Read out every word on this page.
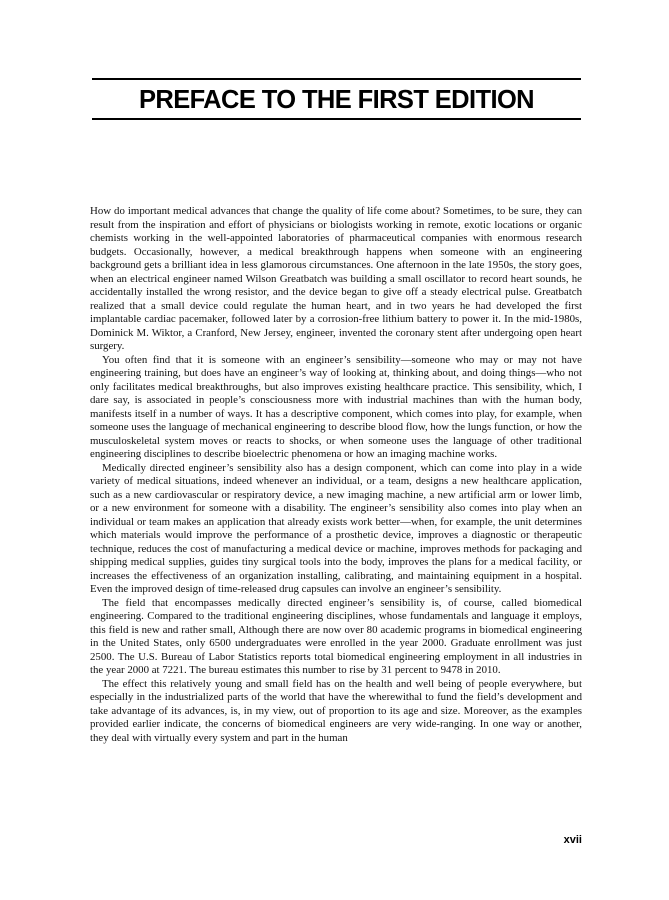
PREFACE TO THE FIRST EDITION

How do important medical advances that change the quality of life come about? Sometimes, to be sure, they can result from the inspiration and effort of physicians or biologists working in remote, exotic locations or organic chemists working in the well-appointed laboratories of pharmaceutical companies with enormous research budgets. Occasionally, however, a medical breakthrough happens when someone with an engineering background gets a brilliant idea in less glamorous circumstances. One afternoon in the late 1950s, the story goes, when an electrical engineer named Wilson Greatbatch was building a small oscillator to record heart sounds, he accidentally installed the wrong resistor, and the device began to give off a steady electrical pulse. Greatbatch realized that a small device could regulate the human heart, and in two years he had developed the first implantable cardiac pacemaker, followed later by a corrosion-free lithium battery to power it. In the mid-1980s, Dominick M. Wiktor, a Cranford, New Jersey, engineer, invented the coronary stent after undergoing open heart surgery.

You often find that it is someone with an engineer’s sensibility—someone who may or may not have engineering training, but does have an engineer’s way of looking at, thinking about, and doing things—who not only facilitates medical breakthroughs, but also improves existing healthcare practice. This sensibility, which, I dare say, is associated in people’s consciousness more with industrial machines than with the human body, manifests itself in a number of ways. It has a descriptive component, which comes into play, for example, when someone uses the language of mechanical engineering to describe blood flow, how the lungs function, or how the musculoskeletal system moves or reacts to shocks, or when someone uses the language of other traditional engineering disciplines to describe bioelectric phenomena or how an imaging machine works.

Medically directed engineer’s sensibility also has a design component, which can come into play in a wide variety of medical situations, indeed whenever an individual, or a team, designs a new healthcare application, such as a new cardiovascular or respiratory device, a new imaging machine, a new artificial arm or lower limb, or a new environment for someone with a disability. The engineer’s sensibility also comes into play when an individual or team makes an application that already exists work better—when, for example, the unit determines which materials would improve the performance of a prosthetic device, improves a diagnostic or therapeutic technique, reduces the cost of manufacturing a medical device or machine, improves methods for packaging and shipping medical supplies, guides tiny surgical tools into the body, improves the plans for a medical facility, or increases the effectiveness of an organization installing, calibrating, and maintaining equipment in a hospital. Even the improved design of time-released drug capsules can involve an engineer’s sensibility.

The field that encompasses medically directed engineer’s sensibility is, of course, called biomedical engineering. Compared to the traditional engineering disciplines, whose fundamentals and language it employs, this field is new and rather small, Although there are now over 80 academic programs in biomedical engineering in the United States, only 6500 undergraduates were enrolled in the year 2000. Graduate enrollment was just 2500. The U.S. Bureau of Labor Statistics reports total biomedical engineering employment in all industries in the year 2000 at 7221. The bureau estimates this number to rise by 31 percent to 9478 in 2010.

The effect this relatively young and small field has on the health and well being of people everywhere, but especially in the industrialized parts of the world that have the wherewithal to fund the field’s development and take advantage of its advances, is, in my view, out of proportion to its age and size. Moreover, as the examples provided earlier indicate, the concerns of biomedical engineers are very wide-ranging. In one way or another, they deal with virtually every system and part in the human

xvii
